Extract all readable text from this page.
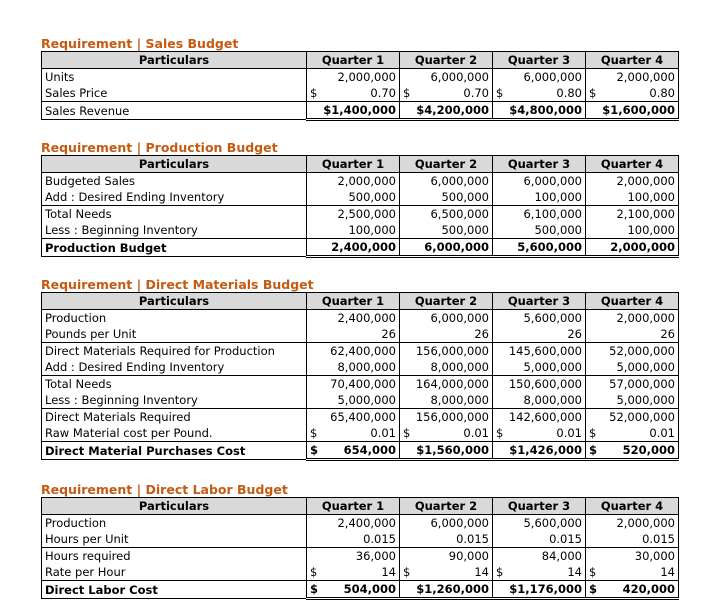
Requirement | Sales Budget
Particulars	Quarter 1	Quarter 2	Quarter 3	Quarter 4
Units	2,000,000	6,000,000	6,000,000	2,000,000
Sales Price	$ 0.70	$ 0.70	$ 0.80	$ 0.80

Sales Revenue	$1,400,000	$4,200,000	$4,800,000	$1,600,000
Requirement | Production Budget
Particulars	Quarter 1	Quarter 2	Quarter 3	Quarter 4
Budgeted Sales	2,000,000	6,000,000	6,000,000	2,000,000
Add : Desired Ending Inventory	500,000	500,000	100,000	100,000
Total Needs	2,500,000	6,500,000	6,100,000	2,100,000
Less : Beginning Inventory	100,000	500,000	500,000	100,000
Production Budget	2,400,000	6,000,000	5,600,000	2,000,000
Requirement | Direct Materials Budget
Particulars	Quarter 1	Quarter 2	Quarter 3	Quarter 4
Production	2,400,000	6,000,000	5,600,000	2,000,000
Pounds per Unit	26	26	26	26
Direct Materials Required for Production	62,400,000	156,000,000	145,600,000	52,000,000
Add : Desired Ending Inventory	8,000,000	8,000,000	5,000,000	5,000,000
Total Needs	70,400,000	164,000,000	150,600,000	57,000,000
Less : Beginning Inventory	5,000,000	8,000,000	8,000,000	5,000,000
Direct Materials Required	65,400,000	156,000,000	142,600,000	52,000,000
Raw Material cost per Pound.	$ 0.01	$ 0.01	$ 0.01	$ 0.01

Direct Material Purchases Cost	$ 654,000	$1,560,000	$1,426,000	$ 520,000
Requirement | Direct Labor Budget
Particulars	Quarter 1	Quarter 2	Quarter 3	Quarter 4
Production	2,400,000	6,000,000	5,600,000	2,000,000
Hours per Unit	0.015	0.015	0.015	0.015
Hours required	36,000	90,000	84,000	30,000
Rate per Hour	$ 14	$ 14	$ 14	$ 14

Direct Labor Cost	$ 504,000	$1,260,000	$1,176,000	$ 420,000
